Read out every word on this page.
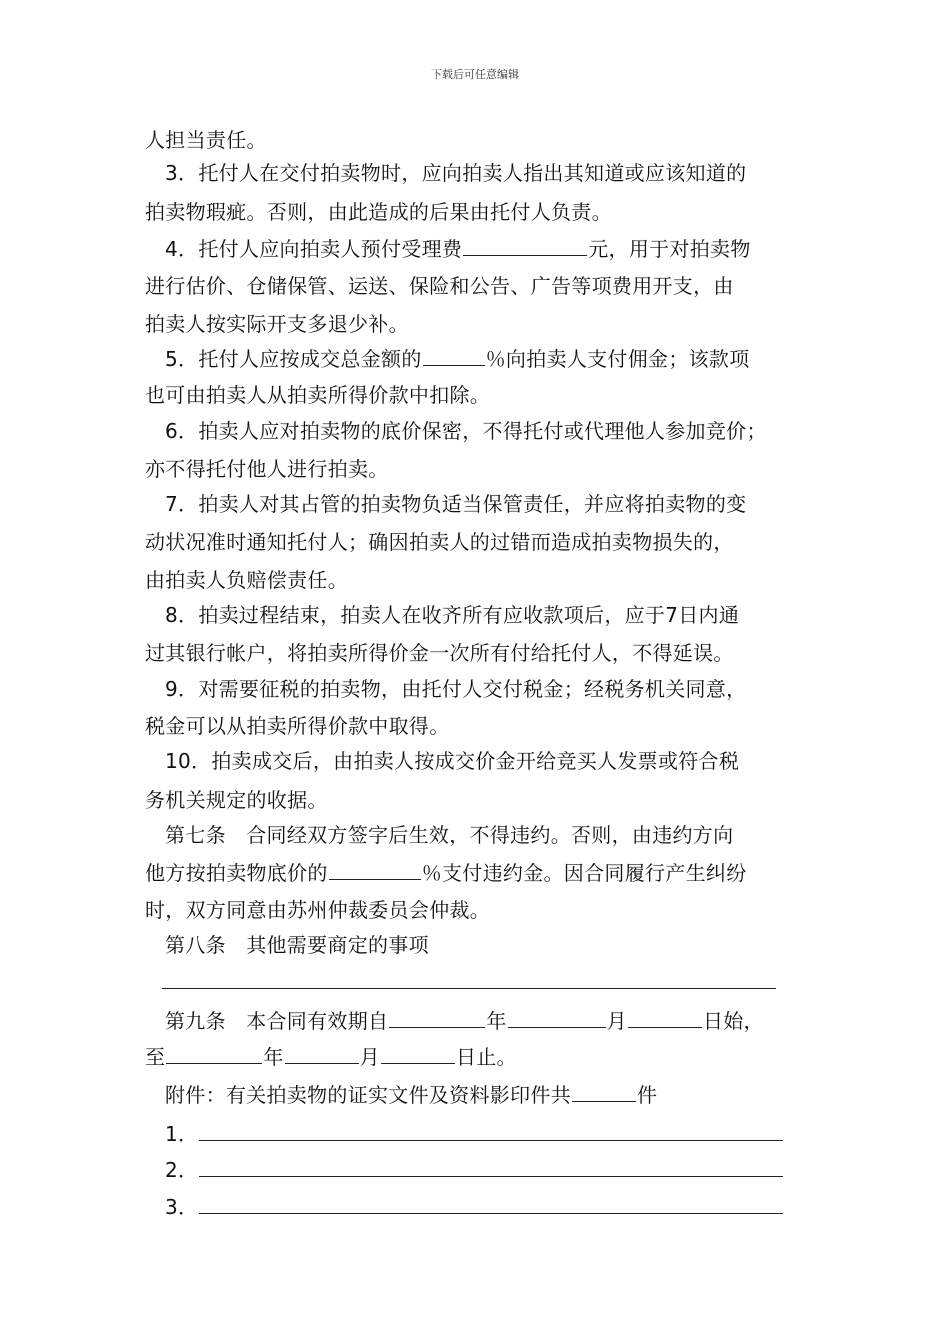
下载后可任意编辑
人担当责任。
3．托付人在交付拍卖物时，应向拍卖人指出其知道或应该知道的
拍卖物瑕疵。否则，由此造成的后果由托付人负责。
4．托付人应向拍卖人预付受理费	元，用于对拍卖物
进行估价、仓储保管、运送、保险和公告、广告等项费用开支，由
拍卖人按实际开支多退少补。
5．托付人应按成交总金额的	％向拍卖人支付佣金；该款项
也可由拍卖人从拍卖所得价款中扣除。
6．拍卖人应对拍卖物的底价保密，不得托付或代理他人参加竞价；
亦不得托付他人进行拍卖。
7．拍卖人对其占管的拍卖物负适当保管责任，并应将拍卖物的变
动状况准时通知托付人；确因拍卖人的过错而造成拍卖物损失的，
由拍卖人负赔偿责任。
8．拍卖过程结束，拍卖人在收齐所有应收款项后，应于7日内通
过其银行帐户，将拍卖所得价金一次所有付给托付人，不得延误。
9．对需要征税的拍卖物，由托付人交付税金；经税务机关同意，
税金可以从拍卖所得价款中取得。
10．拍卖成交后，由拍卖人按成交价金开给竞买人发票或符合税
务机关规定的收据。
第七条　合同经双方签字后生效，不得违约。否则，由违约方向
他方按拍卖物底价的	％支付违约金。因合同履行产生纠纷
时，双方同意由苏州仲裁委员会仲裁。
第八条　其他需要商定的事项
第九条　本合同有效期自	年	月	日始，
至	年	月	日止。
附件：有关拍卖物的证实文件及资料影印件共	件
1．
2．
3．
